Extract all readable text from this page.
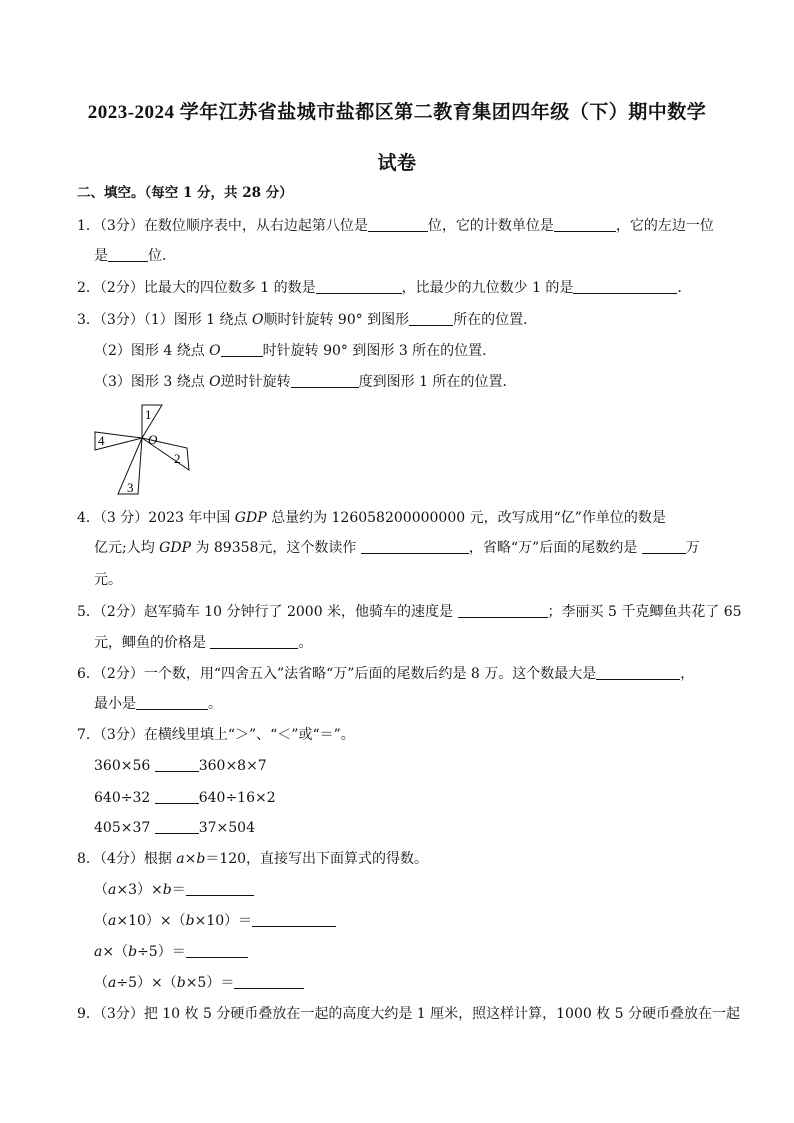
2023-2024 学年江苏省盐城市盐都区第二教育集团四年级（下）期中数学
试卷
二、填空。（每空 1 分，共 28 分）
1．（3分）在数位顺序表中，从右边起第八位是	位，它的计数单位是	，它的左边一位
是	位．
2．（2分）比最大的四位数多 1 的数是	，比最少的九位数少 1 的是	．
3．（3分）（1）图形 1 绕点 O顺时针旋转 90° 到图形	所在的位置．
（2）图形 4 绕点 O	时针旋转 90° 到图形 3 所在的位置．
（3）图形 3 绕点 O逆时针旋转	度到图形 1 所在的位置．
1
2
3
4	O
4．（3 分）2023 年中国 GDP 总量约为 126058200000000 元，改写成用“亿”作单位的数是
亿元;人均 GDP 为 89358元，这个数读作	，省略“万”后面的尾数约是	万
元。
5．（2分）赵军骑车 10 分钟行了 2000 米，他骑车的速度是	；李丽买 5 千克鲫鱼共花了 65
元，鲫鱼的价格是	。
6．（2分）一个数，用“四舍五入”法省略“万”后面的尾数后约是 8 万。这个数最大是	，
最小是	。
7．（3分）在横线里填上“＞”、“＜”或“＝”。
360×56	360×8×7
640÷32	640÷16×2
405×37	37×504
8．（4分）根据 a×b＝120，直接写出下面算式的得数。
（a×3）×b＝
（a×10）×（b×10）＝
a×（b÷5）＝
（a÷5）×（b×5）＝
9．（3分）把 10 枚 5 分硬币叠放在一起的高度大约是 1 厘米，照这样计算，1000 枚 5 分硬币叠放在一起
